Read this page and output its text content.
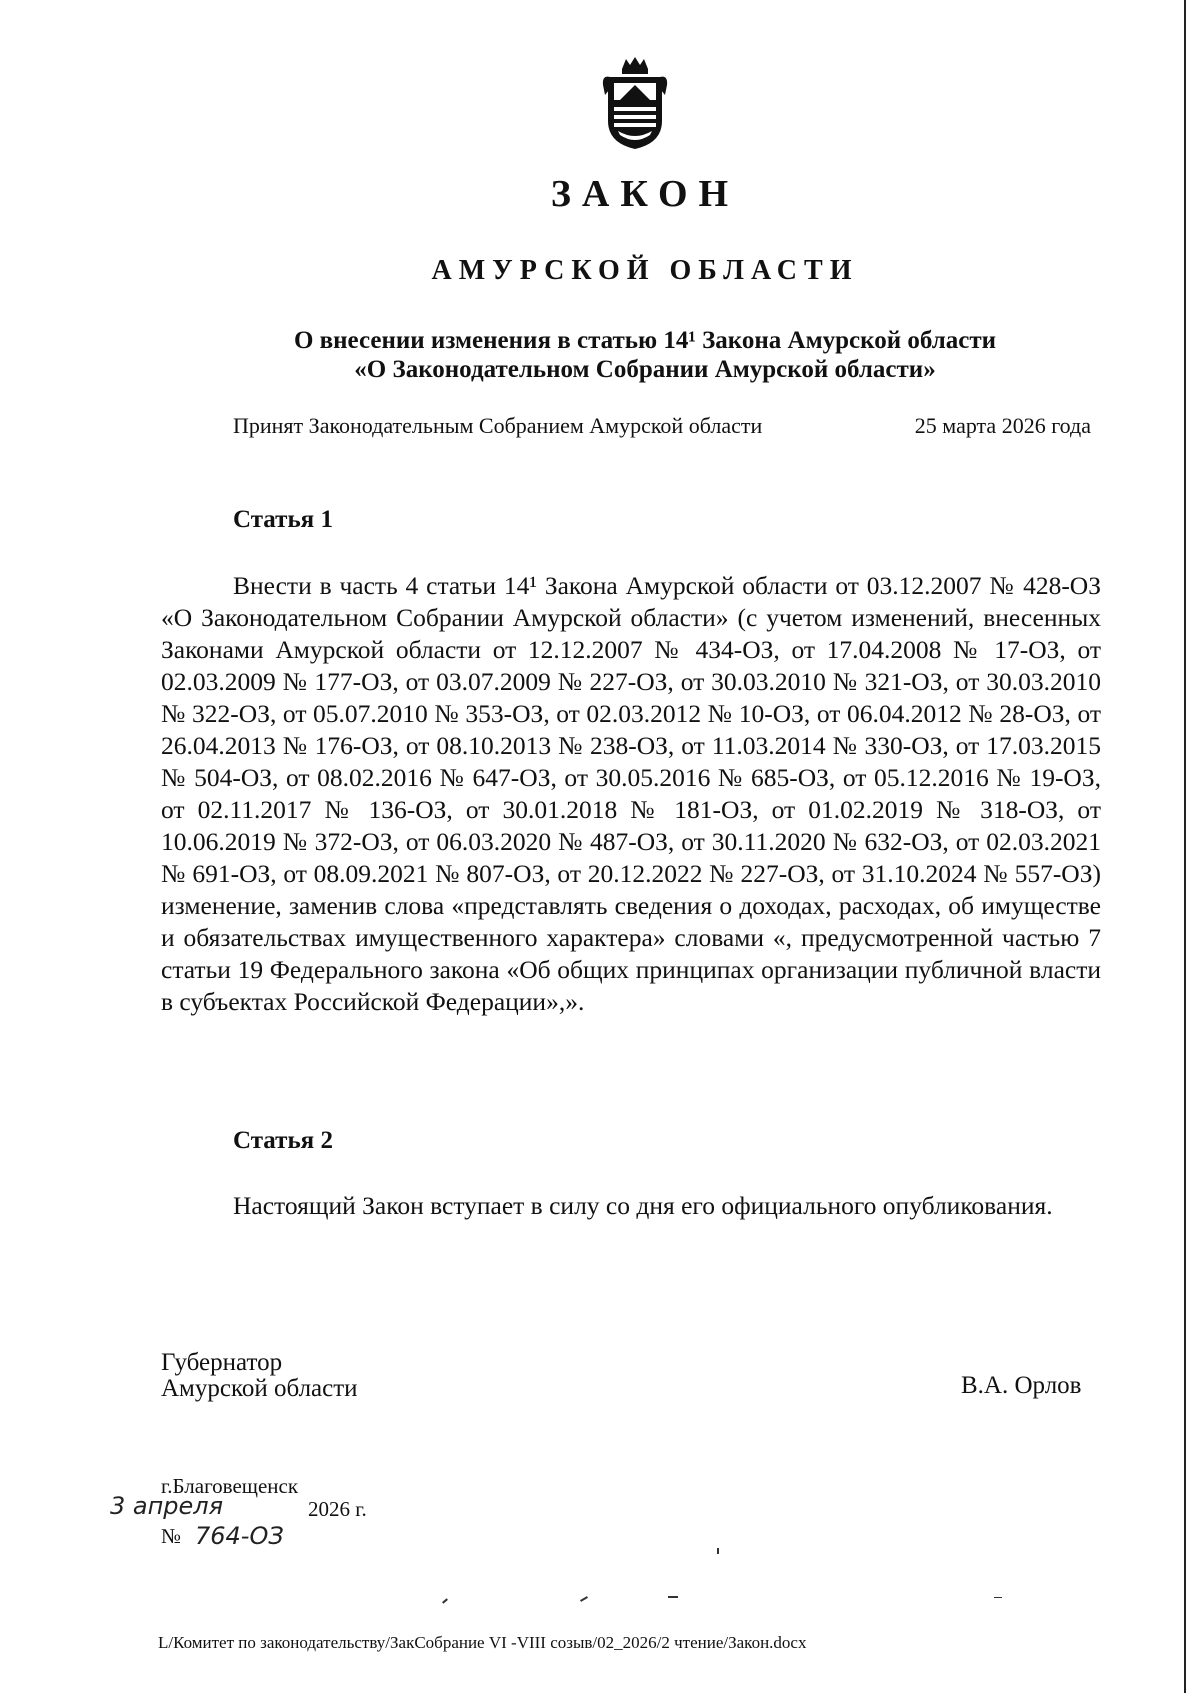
ЗАКОН
АМУРСКОЙ ОБЛАСТИ
О внесении изменения в статью 14¹ Закона Амурской области
«О Законодательном Собрании Амурской области»
Принят Законодательным Собранием Амурской области	25 марта 2026 года
Статья 1
Внести в часть 4 статьи 14¹ Закона Амурской области от 03.12.2007 № 428-ОЗ «О Законодательном Собрании Амурской области» (с учетом изменений, внесенных Законами Амурской области от 12.12.2007 № 434-ОЗ, от 17.04.2008 № 17-ОЗ, от 02.03.2009 № 177-ОЗ, от 03.07.2009 № 227-ОЗ, от 30.03.2010 № 321-ОЗ, от 30.03.2010 № 322-ОЗ, от 05.07.2010 № 353-ОЗ, от 02.03.2012 № 10-ОЗ, от 06.04.2012 № 28-ОЗ, от 26.04.2013 № 176-ОЗ, от 08.10.2013 № 238-ОЗ, от 11.03.2014 № 330-ОЗ, от 17.03.2015 № 504-ОЗ, от 08.02.2016 № 647-ОЗ, от 30.05.2016 № 685-ОЗ, от 05.12.2016 № 19-ОЗ, от 02.11.2017 № 136-ОЗ, от 30.01.2018 № 181-ОЗ, от 01.02.2019 № 318-ОЗ, от 10.06.2019 № 372-ОЗ, от 06.03.2020 № 487-ОЗ, от 30.11.2020 № 632-ОЗ, от 02.03.2021 № 691-ОЗ, от 08.09.2021 № 807-ОЗ, от 20.12.2022 № 227-ОЗ, от 31.10.2024 № 557-ОЗ) изменение, заменив слова «представлять сведения о доходах, расходах, об имуществе и обязательствах имущественного характера» словами «, предусмотренной частью 7 статьи 19 Федерального закона «Об общих принципах организации публичной власти в субъектах Российской Федерации»,».
Статья 2
Настоящий Закон вступает в силу со дня его официального опубликования.
Губернатор
Амурской области	В.А. Орлов
г.Благовещенск
3 апреля	2026 г.
№ 764-ОЗ
L/Комитет по законодательству/ЗакСобрание VI -VIII созыв/02_2026/2 чтение/Закон.docx
